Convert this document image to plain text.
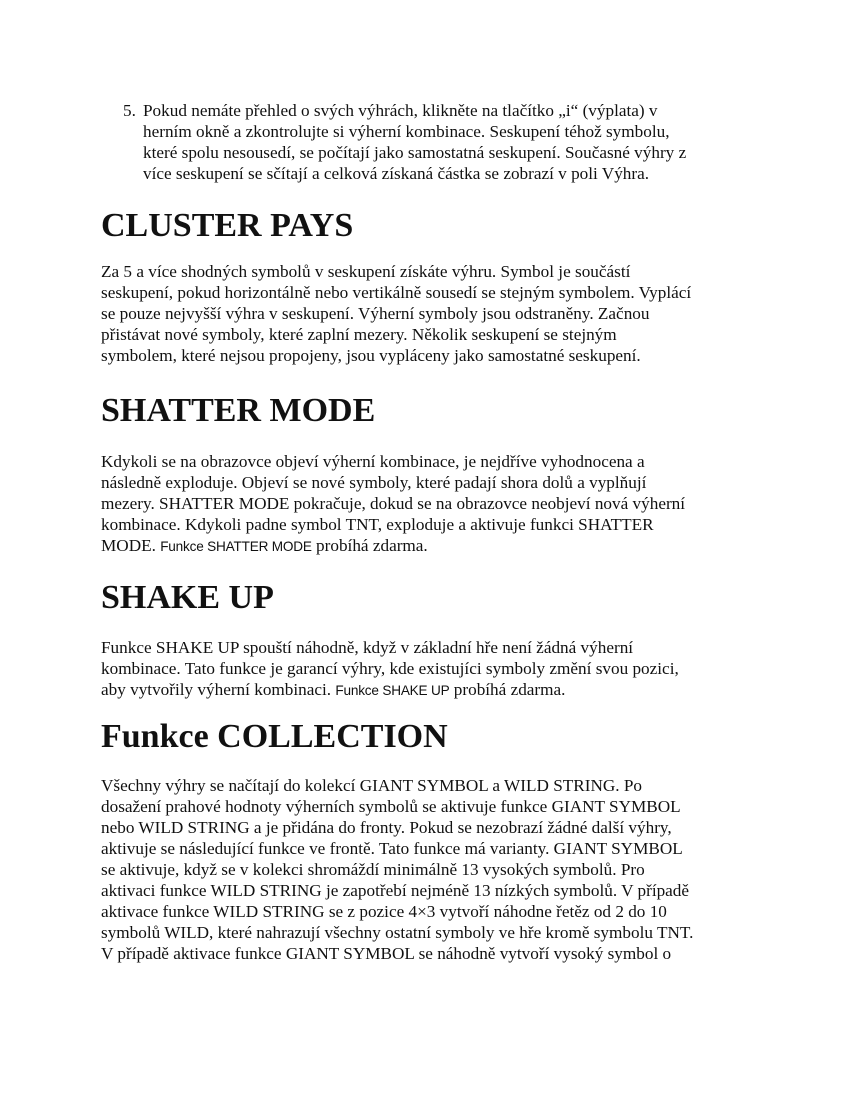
5. Pokud nemáte přehled o svých výhrách, klikněte na tlačítko „i“ (výplata) v
herním okně a zkontrolujte si výherní kombinace. Seskupení téhož symbolu,
které spolu nesousedí, se počítají jako samostatná seskupení. Současné výhry z
více seskupení se sčítají a celková získaná částka se zobrazí v poli Výhra.
CLUSTER PAYS
Za 5 a více shodných symbolů v seskupení získáte výhru. Symbol je součástí
seskupení, pokud horizontálně nebo vertikálně sousedí se stejným symbolem. Vyplácí
se pouze nejvyšší výhra v seskupení. Výherní symboly jsou odstraněny. Začnou
přistávat nové symboly, které zaplní mezery. Několik seskupení se stejným
symbolem, které nejsou propojeny, jsou vypláceny jako samostatné seskupení.
SHATTER MODE
Kdykoli se na obrazovce objeví výherní kombinace, je nejdříve vyhodnocena a
následně exploduje. Objeví se nové symboly, které padají shora dolů a vyplňují
mezery. SHATTER MODE pokračuje, dokud se na obrazovce neobjeví nová výherní
kombinace. Kdykoli padne symbol TNT, exploduje a aktivuje funkci SHATTER
MODE. Funkce SHATTER MODE probíhá zdarma.
SHAKE UP
Funkce SHAKE UP spouští náhodně, když v základní hře není žádná výherní
kombinace. Tato funkce je garancí výhry, kde existujíci symboly změní svou pozici,
aby vytvořily výherní kombinaci. Funkce SHAKE UP probíhá zdarma.
Funkce COLLECTION
Všechny výhry se načítají do kolekcí GIANT SYMBOL a WILD STRING. Po
dosažení prahové hodnoty výherních symbolů se aktivuje funkce GIANT SYMBOL
nebo WILD STRING a je přidána do fronty. Pokud se nezobrazí žádné další výhry,
aktivuje se následující funkce ve frontě. Tato funkce má varianty. GIANT SYMBOL
se aktivuje, když se v kolekci shromáždí minimálně 13 vysokých symbolů. Pro
aktivaci funkce WILD STRING je zapotřebí nejméně 13 nízkých symbolů. V případě
aktivace funkce WILD STRING se z pozice 4×3 vytvoří náhodne řetěz od 2 do 10
symbolů WILD, které nahrazují všechny ostatní symboly ve hře kromě symbolu TNT.
V případě aktivace funkce GIANT SYMBOL se náhodně vytvoří vysoký symbol o
